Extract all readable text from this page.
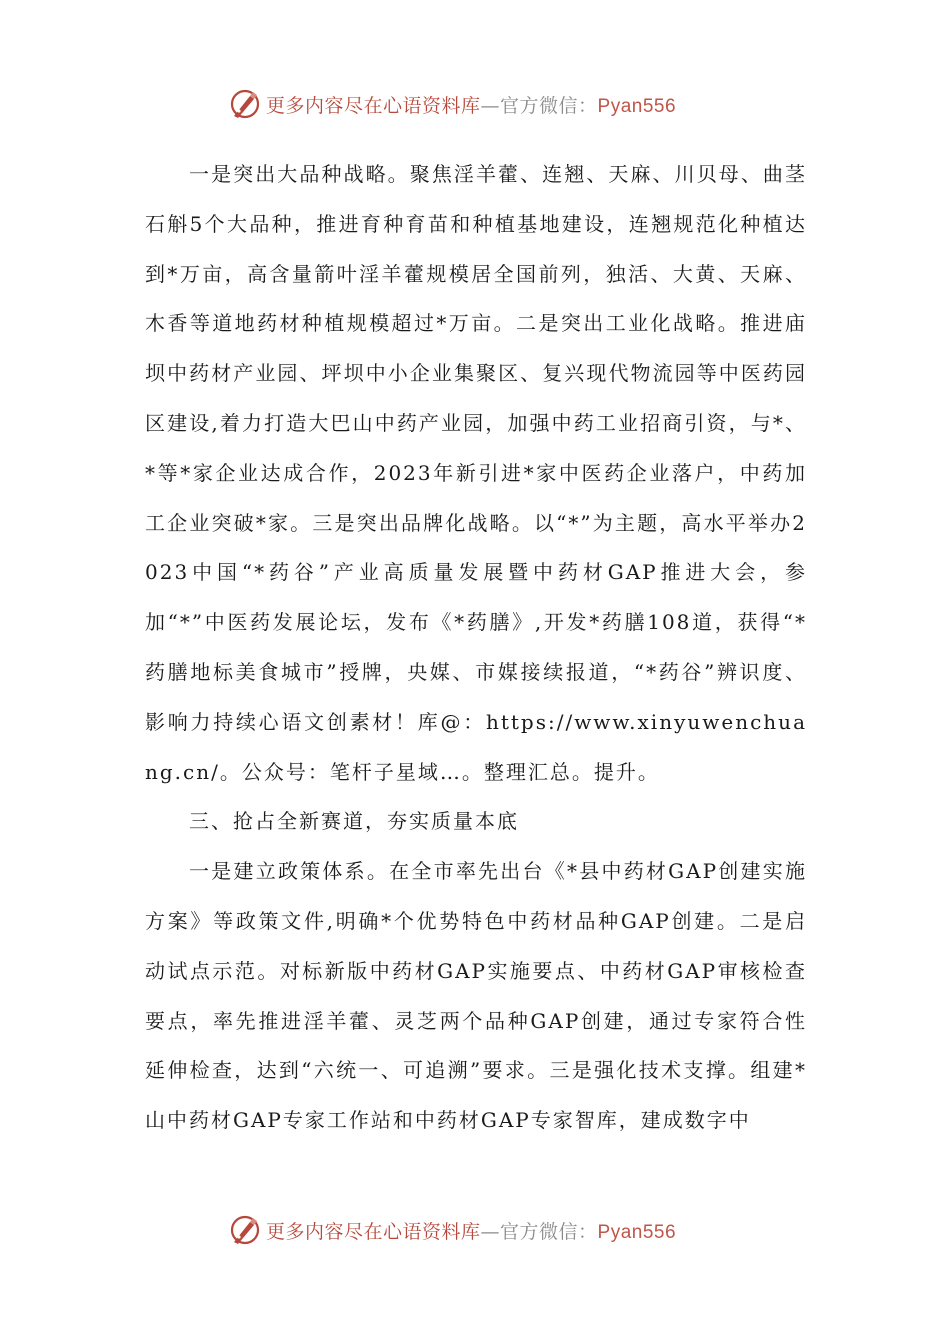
更多内容尽在心语资料库—官方微信：Pyan556

一是突出大品种战略。聚焦淫羊藿、连翘、天麻、川贝母、曲茎石斛5个大品种，推进育种育苗和种植基地建设，连翘规范化种植达到*万亩，高含量箭叶淫羊藿规模居全国前列，独活、大黄、天麻、木香等道地药材种植规模超过*万亩。二是突出工业化战略。推进庙坝中药材产业园、坪坝中小企业集聚区、复兴现代物流园等中医药园区建设,着力打造大巴山中药产业园，加强中药工业招商引资，与*、*等*家企业达成合作，2023年新引进*家中医药企业落户，中药加工企业突破*家。三是突出品牌化战略。以“*”为主题，高水平举办2023中国“*药谷”产业高质量发展暨中药材GAP推进大会，参加“*”中医药发展论坛，发布《*药膳》,开发*药膳108道，获得“*药膳地标美食城市”授牌，央媒、市媒接续报道，“*药谷”辨识度、影响力持续心语文创素材！库@：https://www.xinyuwenchuang.cn/。公众号：笔杆子星域…。整理汇总。提升。

三、抢占全新赛道，夯实质量本底

一是建立政策体系。在全市率先出台《*县中药材GAP创建实施方案》等政策文件,明确*个优势特色中药材品种GAP创建。二是启动试点示范。对标新版中药材GAP实施要点、中药材GAP审核检查要点，率先推进淫羊藿、灵芝两个品种GAP创建，通过专家符合性延伸检查，达到“六统一、可追溯”要求。三是强化技术支撑。组建*山中药材GAP专家工作站和中药材GAP专家智库，建成数字中

更多内容尽在心语资料库—官方微信：Pyan556
